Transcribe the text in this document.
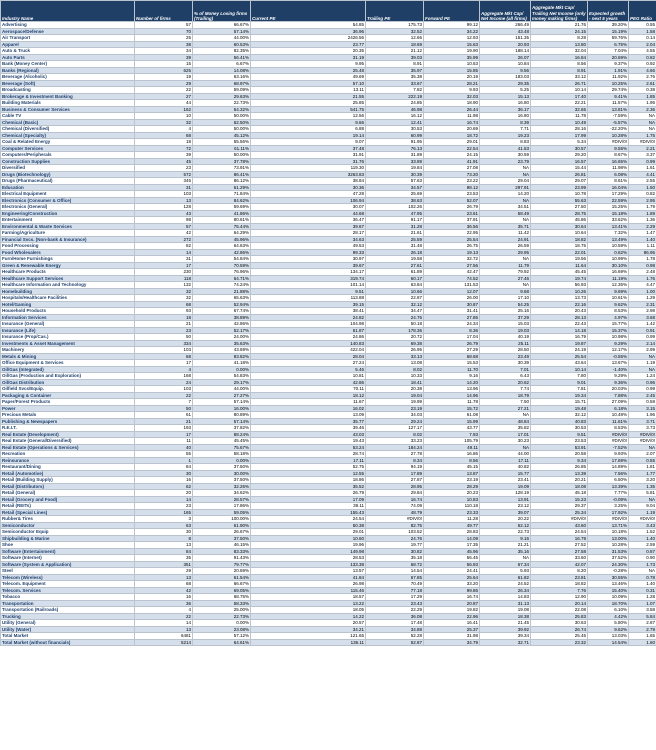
Industry Name	Number of firms	% of Money Losing firms (Trailing)	Current PE	Trailing PE	Forward PE	Aggregate Mkt Cap/ Net Income (all firms)	Aggregate Mkt Cap/ Trailing Net Income (only money making firms)	Expected growth - next 5 years	PEG Ratio
Advertising	57	66.67%	54.85	175.73	99.12	266.49	21.76	39.20%	0.55
Aerospace/Defense	70	57.14%	36.96	32.52	34.22	43.48	24.15	15.19%	1.58
Air Transport	25	44.00%	2426.56	12.66	12.93	151.35	8.28	59.76%	0.14
Apparel	38	60.53%	23.77	18.69	15.63	20.93	13.80	6.75%	2.04
Auto & Truck	34	82.35%	20.35	21.12	19.90	188.14	32.04	7.04%	4.55
Auto Parts	39	56.41%	31.19	39.03	35.99	26.07	16.84	20.69%	0.82
Bank (Money Center)	15	6.67%	9.95	8.91	10.63	10.84	8.56	9.37%	0.92
Banks (Regional)	625	14.08%	25.48	35.97	15.85	9.56	8.91	1.91%	4.66
Beverage (Alcoholic)	19	63.16%	49.69	35.38	20.19	183.03	33.12	11.92%	2.76
Beverage (Soft)	29	68.97%	57.10	33.67	28.21	29.35	26.71	10.25%	2.61
Broadcasting	22	59.09%	13.11	7.82	9.93	5.25	10.14	29.74%	0.38
Brokerage & Investment Banking	27	29.63%	21.55	222.19	32.03	15.13	17.40	9.41%	1.85
Building Materials	44	22.73%	25.85	24.85	18.90	16.80	22.21	11.57%	1.95
Business & Consumer Services	162	54.32%	541.75	46.98	26.44	36.17	32.65	13.81%	2.36
Cable TV	10	50.00%	12.56	16.12	11.98	16.80	11.78	-7.59%	NA
Chemical (Basic)	32	62.50%	9.66	12.41	16.74	8.39	10.49	-5.57%	NA
Chemical (Diversified)	4	50.00%	6.88	30.53	20.69	7.71	28.16	-22.20%	NA
Chemical (Specialty)	68	45.12%	19.14	60.99	18.72	19.23	17.99	10.28%	1.75
Coal & Related Energy	18	55.56%	9.07	91.95	29.01	8.83	5.34	#DIV/0!	#DIV/0!
Computer Services	72	61.11%	37.48	76.13	22.54	41.53	30.57	9.55%	2.21
Computers/Peripherals	39	50.00%	31.91	31.89	24.15	30.59	29.20	8.67%	3.37
Construction Supplies	45	37.78%	31.76	33.89	41.91	23.79	16.57	16.65%	0.99
Diversified	23	73.91%	119.30	19.84	27.08	NA	15.44	11.98%	1.61
Drugs (Biotechnology)	572	86.41%	3263.83	30.39	73.20	NA	26.81	6.08%	4.41
Drugs (Pharmaceutical)	345	86.12%	38.84	57.63	23.22	29.04	29.07	8.61%	2.55
Education	31	61.29%	30.36	34.57	98.12	297.91	23.99	16.04%	1.50
Electrical Equipment	103	71.84%	47.28	25.69	23.53	14.20	10.78	17.29%	0.82
Electronics (Consumer & Office)	13	84.62%	106.94	38.63	52.07	NA	55.63	22.59%	2.95
Electronics (General)	128	59.69%	30.07	102.26	26.79	34.51	27.50	15.25%	1.79
Engineering/Construction	43	41.86%	44.68	47.95	23.61	58.49	28.75	15.18%	1.89
Entertainment	98	80.61%	36.47	91.17	37.91	NA	45.86	33.62%	1.36
Environmental & Waste Services	57	75.44%	39.67	31.28	36.56	35.71	30.64	13.41%	2.29
Farming/Agriculture	42	64.29%	28.17	21.61	22.95	11.42	10.64	7.32%	1.47
Financial Svcs. (Non-bank & Insurance)	272	45.96%	34.63	25.59	25.54	24.91	18.82	13.49%	1.40
Food Processing	82	64.63%	49.53	31.48	26.75	26.59	18.75	10.59%	1.11
Food Wholesalers	14	42.86%	99.33	26.18	19.13	29.95	22.01	0.62%	86.95
Furn/Home Furnishings	31	54.84%	30.97	19.58	32.72	NA	19.56	10.99%	1.78
Green & Renewable Energy	17	70.59%	39.67	27.61	27.56	11.79	11.64	30.10%	0.98
Healthcare Products	230	76.96%	134.17	61.89	42.47	79.92	45.45	16.69%	2.48
Healthcare Support Services	118	64.71%	319.74	60.17	74.52	27.46	19.74	11.19%	1.76
Healthcare Information and Technology	132	74.24%	101.14	63.84	131.53	NA	56.93	12.35%	4.47
Homebuilding	32	21.88%	9.51	10.66	12.07	9.68	10.26	9.69%	1.00
Hospitals/Healthcare Facilities	32	65.63%	113.88	22.87	26.00	17.10	13.73	10.61%	1.29
Hotel/Gaming	68	52.94%	39.15	32.12	30.87	54.25	22.16	9.62%	2.31
Household Products	93	67.74%	38.41	34.47	31.41	25.16	20.43	8.53%	2.98
Information Services	18	38.89%	24.82	24.76	27.86	37.29	28.13	4.97%	3.68
Insurance (General)	21	42.86%	104.98	50.18	24.34	15.03	22.43	15.77%	1.42
Insurance (Life)	23	52.17%	61.87	178.36	8.36	19.03	14.18	15.37%	0.91
Insurance (Prop/Cas.)	50	24.00%	24.86	20.72	17.04	40.19	16.79	10.98%	0.99
Investments & Asset Management	334	35.63%	140.83	69.38	26.79	25.11	19.87	9.29%	2.14
Machinery	103	43.69%	422.04	26.95	27.29	28.50	24.19	12.17%	2.99
Metals & Mining	68	83.82%	28.04	33.13	68.68	23.49	25.54	-0.55%	NA
Office Equipment & Services	17	41.18%	27.24	13.08	15.53	30.39	43.64	13.67%	1.19
Oil/Gas (Integrated)	4	0.00%	5.46	8.02	11.70	7.01	10.14	-1.40%	NA
Oil/Gas (Production and Exploration)	168	54.83%	10.81	10.33	9.16	6.43	7.80	9.29%	1.24
Oil/Gas Distribution	24	29.17%	42.86	18.41	14.20	20.62	9.01	9.36%	0.96
Oilfield Svcs/Equip.	103	44.00%	70.11	20.38	13.96	7.74	7.81	20.03%	0.99
Packaging & Container	22	27.27%	18.12	19.04	14.96	18.79	19.34	7.88%	2.45
Paper/Forest Products	7	57.14%	11.67	19.99	11.78	7.50	15.71	27.09%	0.58
Power	50	16.00%	16.02	23.19	15.72	27.21	19.48	6.18%	3.15
Precious Metals	61	80.89%	13.09	34.03	61.08	NA	32.12	10.48%	1.96
Publishing & Newspapers	21	57.14%	35.77	29.24	15.99	48.84	40.83	11.61%	3.71
R.E.I.T.	193	37.82%	39.46	127.17	43.77	35.82	30.53	8.53%	3.73
Real Estate (Development)	17	88.24%	43.03	8.02	7.93	17.01	9.51	#DIV/0!	#DIV/0!
Real Estate (General/Diversified)	11	45.45%	19.43	33.23	105.79	30.23	23.53	#DIV/0!	#DIV/0!
Real Estate (Operations & Services)	40	75.67%	53.24	184.24	49.11	NA	53.91	-7.52%	NA
Recreation	55	58.18%	28.74	27.78	16.86	44.00	20.58	9.93%	2.07
Reinsurance	1	0.00%	17.11	8.34	8.56	17.11	9.34	17.69%	0.55
Restaurant/Dining	84	37.50%	52.75	94.19	45.15	40.82	26.85	14.89%	1.81
Retail (Automotive)	30	30.00%	12.55	17.89	13.87	15.77	13.39	7.56%	1.77
Retail (Building Supply)	16	37.50%	18.86	27.87	23.19	23.41	20.21	6.50%	3.20
Retail (Distributors)	62	32.26%	35.52	28.95	28.29	19.09	18.08	13.39%	1.35
Retail (General)	20	34.62%	26.79	29.84	20.23	128.19	45.18	7.77%	5.81
Retail (Grocery and Food)	14	28.57%	17.09	16.74	10.83	13.91	15.23	-0.09%	NA
Retail (REITs)	23	17.86%	39.11	74.09	110.18	23.12	29.37	3.25%	9.04
Retail (Special Lines)	165	59.05%	155.43	48.79	23.33	39.07	25.34	17.92%	1.19
Rubber& Tires	3	100.00%	24.54	#DIV/0!	11.28	20.22	#DIV/0!	#DIV/0!	#DIV/0!
Semiconductor	63	61.90%	50.38	82.75	49.77	62.12	43.60	13.71%	3.43
Semiconductor Equip	30	26.67%	29.01	103.52	28.83	22.73	24.54	10.18%	1.52
Shipbuilding & Marine	8	37.50%	10.60	24.76	14.09	9.16	16.79	13.00%	1.40
Shoe	13	46.15%	19.96	19.77	17.35	21.21	27.52	10.28%	2.59
Software (Entertainment)	84	83.33%	149.98	30.82	45.96	35.16	27.58	31.53%	0.87
Software (Internet)	35	91.43%	28.53	35.18	56.45	NA	33.60	37.52%	0.90
Software (System & Application)	351	79.77%	133.38	68.72	56.93	67.34	42.07	24.30%	1.73
Steel	29	20.69%	13.57	14.54	24.41	5.93	8.20	-0.28%	NA
Telecom (Wireless)	13	61.54%	41.84	67.85	25.64	61.82	23.81	30.55%	0.78
Telecom. Equipment	68	66.67%	26.98	70.49	33.20	24.52	18.82	13.46%	1.40
Telecom. Services	42	69.05%	115.46	77.18	99.86	26.34	7.76	15.40%	0.31
Tobacco	16	68.75%	18.57	17.29	16.74	14.83	12.90	10.09%	1.28
Transportation	36	58.33%	13.22	23.43	20.87	31.13	20.14	18.70%	1.07
Transportation (Railroads)	4	25.00%	18.05	22.29	19.82	19.08	22.08	6.10%	3.58
Trucking	22	22.73%	14.22	36.08	22.96	18.38	25.83	4.42%	5.84
Utility (General)	14	0.00%	20.57	17.48	16.41	21.45	30.63	5.80%	2.87
Utility (Water)	13	23.08%	34.21	34.88	25.37	39.92	26.74	9.62%	2.79
Total Market	6481	57.12%	121.65	52.28	31.98	39.34	25.45	13.03%	1.65
Total Market (without financials)	5214	64.61%	136.11	52.87	34.79	32.71	23.32	14.54%	1.60
